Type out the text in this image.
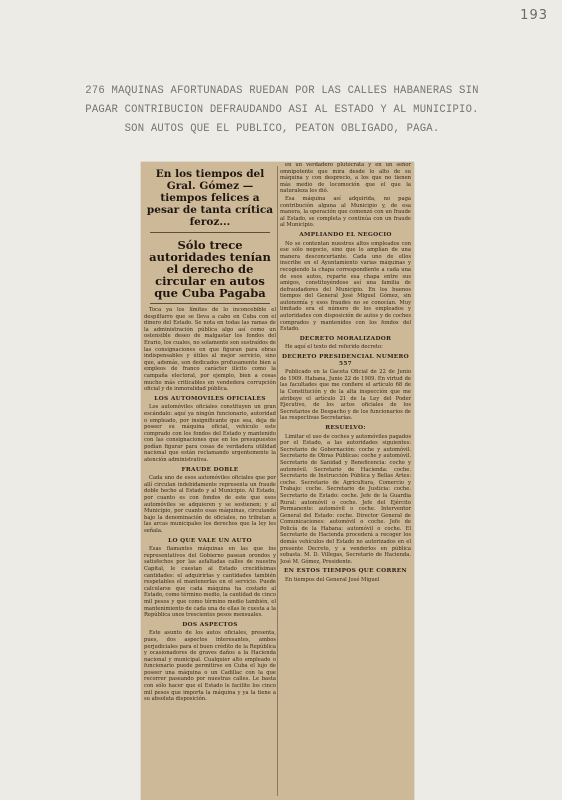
193
276 MAQUINAS AFORTUNADAS RUEDAN POR LAS CALLES HABANERAS SIN
PAGAR CONTRIBUCION DEFRAUDANDO ASI AL ESTADO Y AL MUNICIPIO.
SON AUTOS QUE EL PUBLICO, PEATON OBLIGADO, PAGA.
En los tiempos del Gral. Gómez —tiempos felices a pesar de tanta crítica feroz...
Sólo trece autoridades tenían el derecho de circular en autos que Cuba Pagaba
Toca ya los límites de lo inconcebible el despilfarro que se lleva a cabo en Cuba con el dinero del Estado. Se nota en todas las ramas de la administración pública algo así como un ostensible deseo de malgastar los fondos del Erario, los cuales, no solamente son sustraídos de las consignaciones en que figuran para obras indispensables y útiles al mejor servicio, sino que, además, son dedicados profusamente bien a empleos de franco carácter ilícito como la campaña electoral, por ejemplo, bien a cosas mucho más criticables en vendedera corrupción oficial y de inmoralidad pública.
LOS AUTOMOVILES OFICIALES
Los automóviles oficiales constituyen un gran escándalo: aquí ya ningún funcionario, autoridad o empleado, por insignificante que sea, deja de poseer su máquina oficial, vehículo este comprado con los fondos del Estado y mantenido con las consignaciones que en los presupuestos podían figurar para cosas de verdadera utilidad nacional que están reclamando urgentemente la atención administrativa.
FRAUDE DOBLE
Cada uno de esos automóviles oficiales que por allí circulan indebidamente representa un fraude doble hecho al Estado y al Municipio. Al Estado, por cuanto es con fondos de este que esos automóviles se adquieren y se sostienen; y al Municipio, por cuanto esas máquinas, circulando bajo la denominación de oficiales, no tributan a las arcas municipales los derechos que la ley les señala.
LO QUE VALE UN AUTO
Esas flamantes máquinas en las que los representativos del Gobierno pasean orondos y satisfechos por las asfaltadas calles de nuestra Capital, le cuestan al Estado crecidísimas cantidades: el adquirirlas y cantidades también respetables el mantenerlas en el servicio. Puede calcularse que cada máquina ha costado al Estado, como término medio, la cantidad de cinco mil pesos y que como término medio también, el mantenimiento de cada una de ellas le cuesta a la República unos trescientos pesos mensuales.
DOS ASPECTOS
Este asunto de los autos oficiales, presenta, pues, dos aspectos interesantes, ambos perjudiciales para el buen crédito de la República y ocasionadores de graves daños a la Hacienda nacional y municipal. Cualquier alto empleado o funcionario puede permitirse en Cuba el lujo de poseer una máquina o un Cadillac con la que recorrer paseando por nuestras calles. Le basta con sólo hacer que el Estado le facilite los cinco mil pesos que importa la máquina y ya la tiene a su absoluta disposición.
en un verdadero plutócrata y en un señor omnipotente que mira desde lo alto de su máquina y con desprecio, a los que no tienen más medio de locomoción que el que la naturaleza les dió.
Esa máquina así adquirida, no paga contribución alguna al Municipio y, de esa manera, la operación que comenzó con un fraude al Estado, se completa y continúa con un fraude al Municipio.
AMPLIANDO EL NEGOCIO
No se contentan nuestros altos empleados con ese sólo negocio, sino que lo amplían de una manera desconcertante. Cada uno de ellos inscribe en el Ayuntamiento varias máquinas y recogiendo la chapa correspondiente a cada una de esos autos, reparte esa chapa entre sus amigos, constituyéndose así una familia de defraudadores del Municipio. En los buenos tiempos del General José Miguel Gómez, sin autonomía y esos fraudes no se conocían. Muy limitado era el número de los empleados y autoridades con disposición de autos y de coches comprados y mantenidos con los fondos del Estado.
DECRETO MORALIZADOR
He aquí el texto del referido decreto:
DECRETO PRESIDENCIAL NUMERO 557
Publicado en la Gaceta Oficial de 22 de Junio de 1909. Habana, Junio 22 de 1909. En virtud de las facultades que me confiere el artículo 68 de la Constitución y de la alta inspección que me atribuye el artículo 21 de la Ley del Poder Ejecutivo, de los actos oficiales de los Secretarios de Despacho y de los funcionarios de las respectivas Secretarías.
RESUELVO:
Limitar el uso de coches y automóviles pagados por el Estado, a las autoridades siguientes: Secretario de Gobernación: coche y automóvil. Secretario de Obras Públicas: coche y automóvil. Secretario de Sanidad y Beneficencia: coche y automóvil. Secretario de Hacienda: coche. Secretario de Instrucción Pública y Bellas Artes: coche. Secretario de Agricultura, Comercio y Trabajo: coche. Secretario de Justicia: coche. Secretario de Estado: coche. Jefe de la Guardia Rural: automóvil o coche. Jefe del Ejército Permanente: automóvil o coche. Interventor General del Estado: coche. Director General de Comunicaciones: automóvil o coche. Jefe de Policía de la Habana: automóvil o coche. El Secretario de Hacienda procederá a recoger los demás vehículos del Estado no autorizados en el presente Decreto, y a venderlos en pública subasta. M. D. Villegas, Secretario de Hacienda. José M. Gómez, Presidente.
EN ESTOS TIEMPOS QUE CORREN
En tiempos del General José Miguel
